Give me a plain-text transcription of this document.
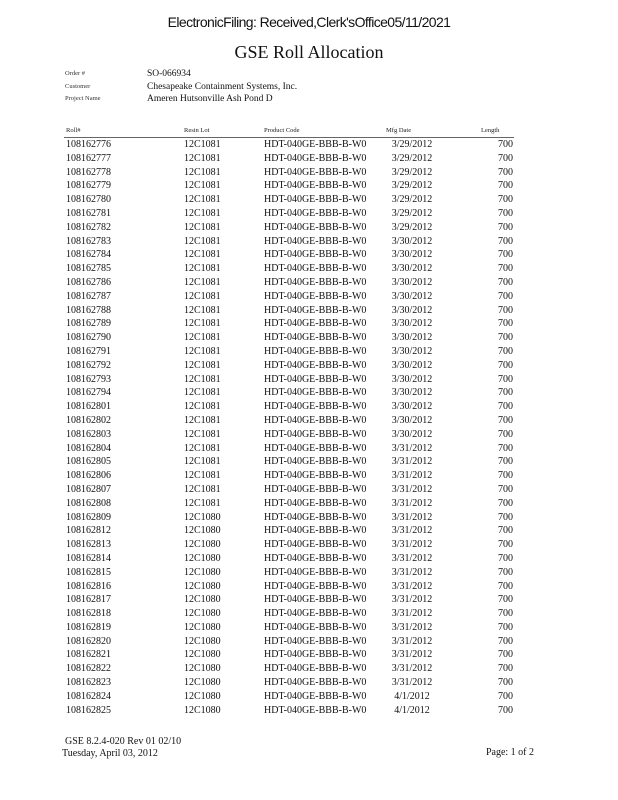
ElectronicFiling: Received,Clerk'sOffice05/11/2021
GSE Roll Allocation
Order #	SO-066934
Customer	Chesapeake Containment Systems, Inc.
Project Name	Ameren Hutsonville Ash Pond D
Roll#	Resin Lot	Product Code	Mfg Date	Length
108162776	12C1081	HDT-040GE-BBB-B-W0	3/29/2012	700
108162777	12C1081	HDT-040GE-BBB-B-W0	3/29/2012	700
108162778	12C1081	HDT-040GE-BBB-B-W0	3/29/2012	700
108162779	12C1081	HDT-040GE-BBB-B-W0	3/29/2012	700
108162780	12C1081	HDT-040GE-BBB-B-W0	3/29/2012	700
108162781	12C1081	HDT-040GE-BBB-B-W0	3/29/2012	700
108162782	12C1081	HDT-040GE-BBB-B-W0	3/29/2012	700
108162783	12C1081	HDT-040GE-BBB-B-W0	3/30/2012	700
108162784	12C1081	HDT-040GE-BBB-B-W0	3/30/2012	700
108162785	12C1081	HDT-040GE-BBB-B-W0	3/30/2012	700
108162786	12C1081	HDT-040GE-BBB-B-W0	3/30/2012	700
108162787	12C1081	HDT-040GE-BBB-B-W0	3/30/2012	700
108162788	12C1081	HDT-040GE-BBB-B-W0	3/30/2012	700
108162789	12C1081	HDT-040GE-BBB-B-W0	3/30/2012	700
108162790	12C1081	HDT-040GE-BBB-B-W0	3/30/2012	700
108162791	12C1081	HDT-040GE-BBB-B-W0	3/30/2012	700
108162792	12C1081	HDT-040GE-BBB-B-W0	3/30/2012	700
108162793	12C1081	HDT-040GE-BBB-B-W0	3/30/2012	700
108162794	12C1081	HDT-040GE-BBB-B-W0	3/30/2012	700
108162801	12C1081	HDT-040GE-BBB-B-W0	3/30/2012	700
108162802	12C1081	HDT-040GE-BBB-B-W0	3/30/2012	700
108162803	12C1081	HDT-040GE-BBB-B-W0	3/30/2012	700
108162804	12C1081	HDT-040GE-BBB-B-W0	3/31/2012	700
108162805	12C1081	HDT-040GE-BBB-B-W0	3/31/2012	700
108162806	12C1081	HDT-040GE-BBB-B-W0	3/31/2012	700
108162807	12C1081	HDT-040GE-BBB-B-W0	3/31/2012	700
108162808	12C1081	HDT-040GE-BBB-B-W0	3/31/2012	700
108162809	12C1080	HDT-040GE-BBB-B-W0	3/31/2012	700
108162812	12C1080	HDT-040GE-BBB-B-W0	3/31/2012	700
108162813	12C1080	HDT-040GE-BBB-B-W0	3/31/2012	700
108162814	12C1080	HDT-040GE-BBB-B-W0	3/31/2012	700
108162815	12C1080	HDT-040GE-BBB-B-W0	3/31/2012	700
108162816	12C1080	HDT-040GE-BBB-B-W0	3/31/2012	700
108162817	12C1080	HDT-040GE-BBB-B-W0	3/31/2012	700
108162818	12C1080	HDT-040GE-BBB-B-W0	3/31/2012	700
108162819	12C1080	HDT-040GE-BBB-B-W0	3/31/2012	700
108162820	12C1080	HDT-040GE-BBB-B-W0	3/31/2012	700
108162821	12C1080	HDT-040GE-BBB-B-W0	3/31/2012	700
108162822	12C1080	HDT-040GE-BBB-B-W0	3/31/2012	700
108162823	12C1080	HDT-040GE-BBB-B-W0	3/31/2012	700
108162824	12C1080	HDT-040GE-BBB-B-W0	4/1/2012	700
108162825	12C1080	HDT-040GE-BBB-B-W0	4/1/2012	700
GSE 8.2.4-020 Rev 01 02/10
Tuesday, April 03, 2012	Page: 1 of 2
